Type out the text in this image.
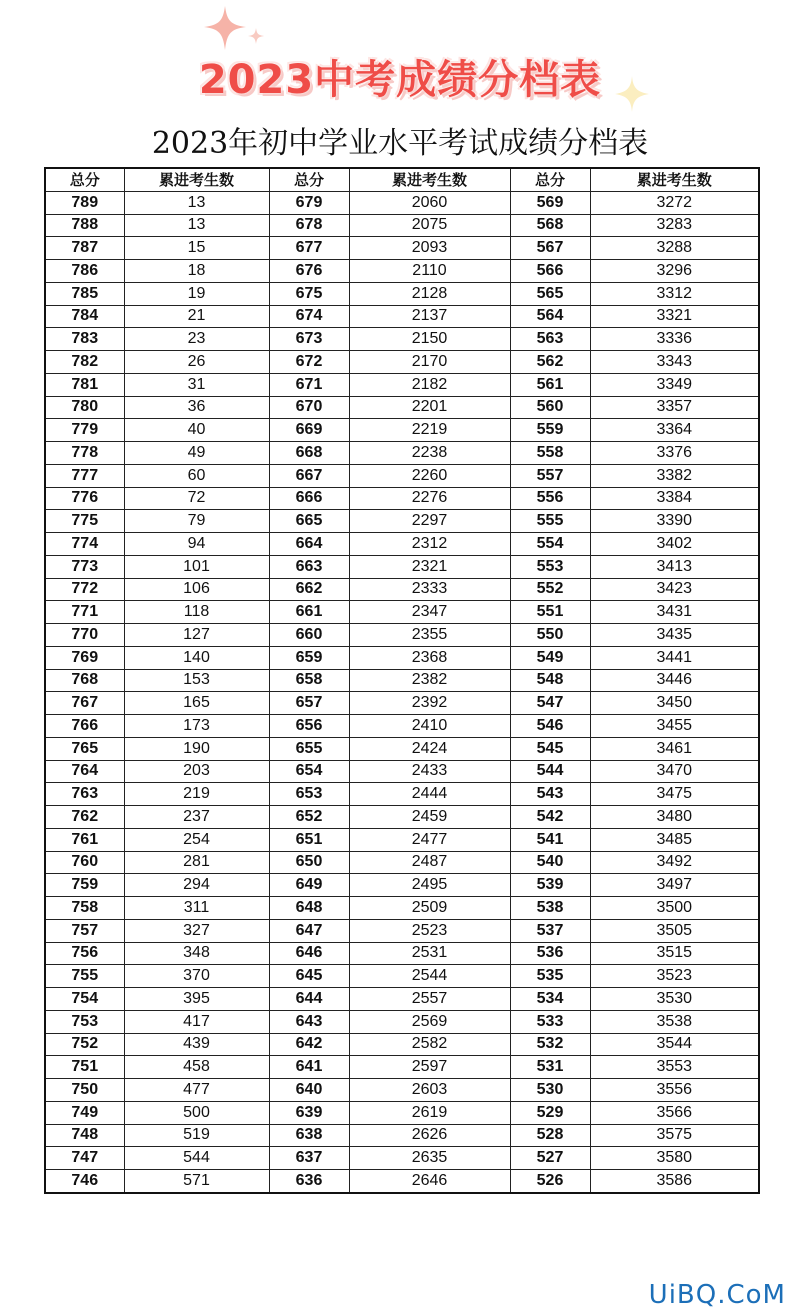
2023中考成绩分档表
2023年初中学业水平考试成绩分档表
总分	累进考生数	总分	累进考生数	总分	累进考生数
789	13	679	2060	569	3272
788	13	678	2075	568	3283
787	15	677	2093	567	3288
786	18	676	2110	566	3296
785	19	675	2128	565	3312
784	21	674	2137	564	3321
783	23	673	2150	563	3336
782	26	672	2170	562	3343
781	31	671	2182	561	3349
780	36	670	2201	560	3357
779	40	669	2219	559	3364
778	49	668	2238	558	3376
777	60	667	2260	557	3382
776	72	666	2276	556	3384
775	79	665	2297	555	3390
774	94	664	2312	554	3402
773	101	663	2321	553	3413
772	106	662	2333	552	3423
771	118	661	2347	551	3431
770	127	660	2355	550	3435
769	140	659	2368	549	3441
768	153	658	2382	548	3446
767	165	657	2392	547	3450
766	173	656	2410	546	3455
765	190	655	2424	545	3461
764	203	654	2433	544	3470
763	219	653	2444	543	3475
762	237	652	2459	542	3480
761	254	651	2477	541	3485
760	281	650	2487	540	3492
759	294	649	2495	539	3497
758	311	648	2509	538	3500
757	327	647	2523	537	3505
756	348	646	2531	536	3515
755	370	645	2544	535	3523
754	395	644	2557	534	3530
753	417	643	2569	533	3538
752	439	642	2582	532	3544
751	458	641	2597	531	3553
750	477	640	2603	530	3556
749	500	639	2619	529	3566
748	519	638	2626	528	3575
747	544	637	2635	527	3580
746	571	636	2646	526	3586
UiBQ.CoM
